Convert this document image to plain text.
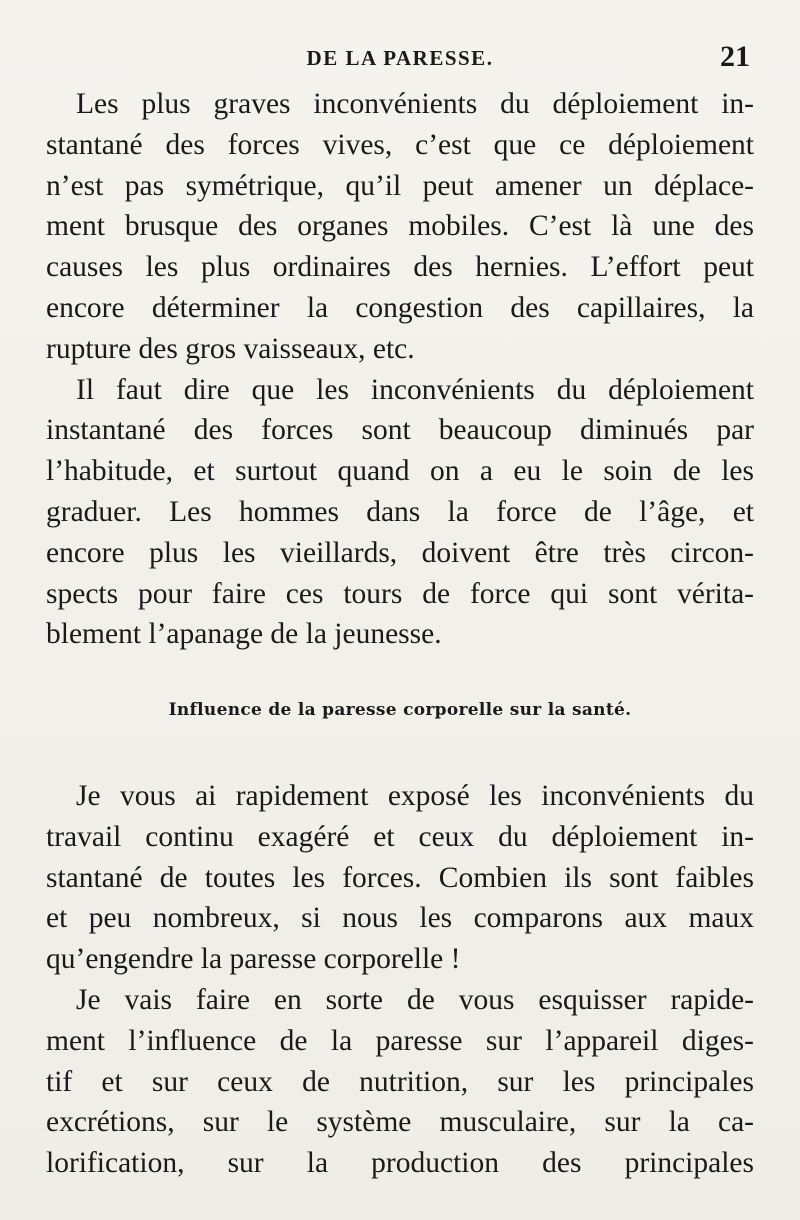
DE LA PARESSE.	21
Les plus graves inconvénients du déploiement in-
stantané des forces vives, c’est que ce déploiement
n’est pas symétrique, qu’il peut amener un déplace-
ment brusque des organes mobiles. C’est là une des
causes les plus ordinaires des hernies. L’effort peut
encore déterminer la congestion des capillaires, la
rupture des gros vaisseaux, etc.
Il faut dire que les inconvénients du déploiement
instantané des forces sont beaucoup diminués par
l’habitude, et surtout quand on a eu le soin de les
graduer. Les hommes dans la force de l’âge, et
encore plus les vieillards, doivent être très circon-
spects pour faire ces tours de force qui sont vérita-
blement l’apanage de la jeunesse.
Influence de la paresse corporelle sur la santé.
Je vous ai rapidement exposé les inconvénients du
travail continu exagéré et ceux du déploiement in-
stantané de toutes les forces. Combien ils sont faibles
et peu nombreux, si nous les comparons aux maux
qu’engendre la paresse corporelle !
Je vais faire en sorte de vous esquisser rapide-
ment l’influence de la paresse sur l’appareil diges-
tif et sur ceux de nutrition, sur les principales
excrétions, sur le système musculaire, sur la ca-
lorification, sur la production des principales
